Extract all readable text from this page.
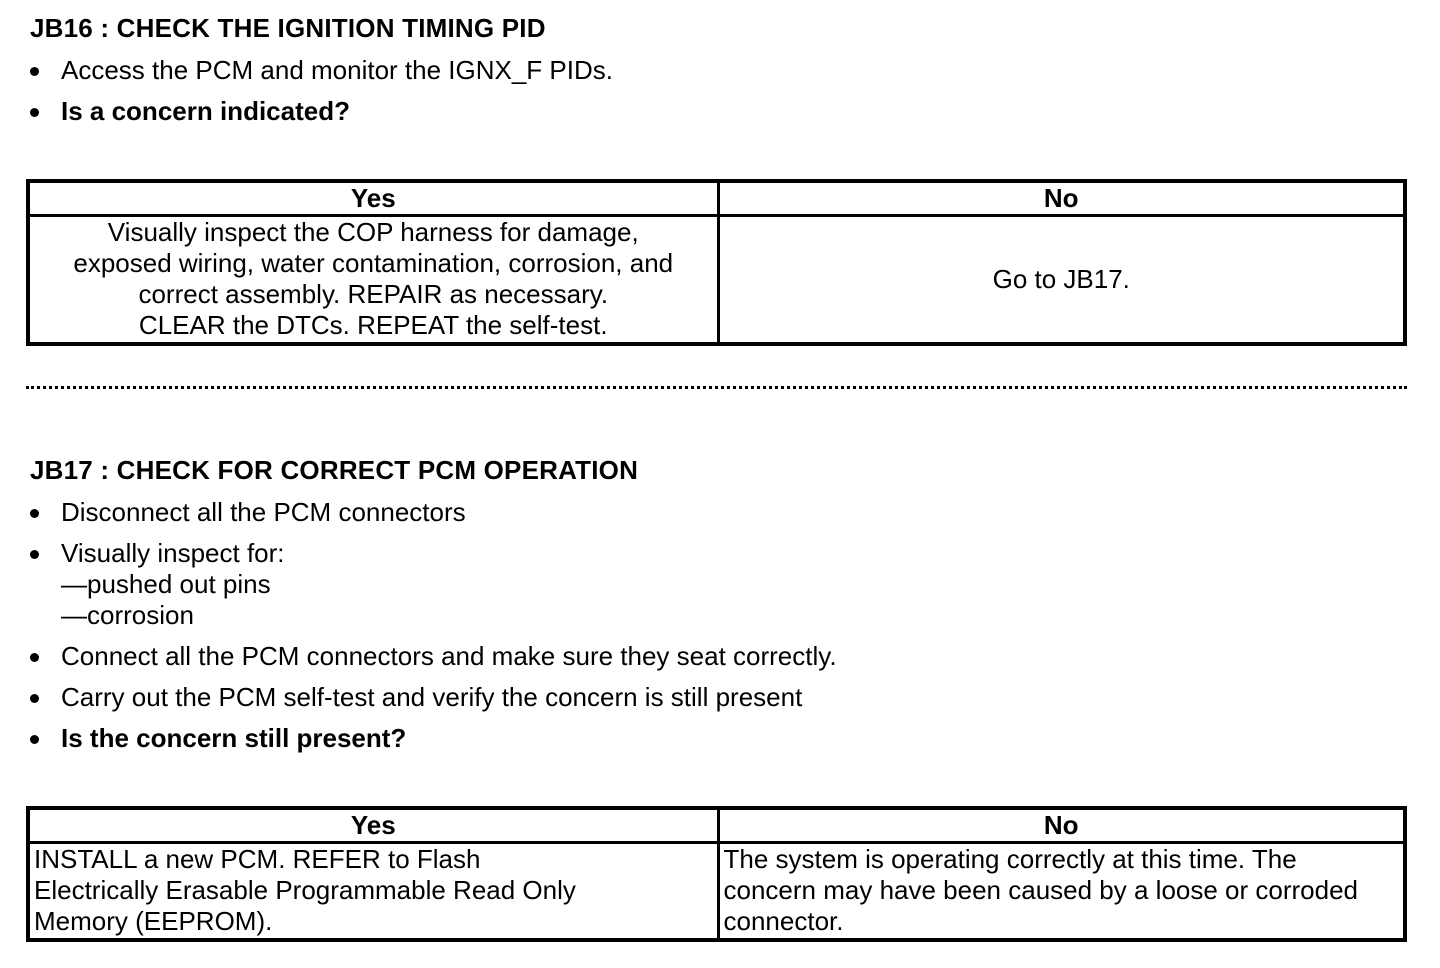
JB16 : CHECK THE IGNITION TIMING PID
Access the PCM and monitor the IGNX_F PIDs.
Is a concern indicated?
Yes	No

Visually inspect the COP harness for damage,
exposed wiring, water contamination, corrosion, and
correct assembly. REPAIR as necessary.
CLEAR the DTCs. REPEAT the self-test.	Go to JB17.
JB17 : CHECK FOR CORRECT PCM OPERATION
Disconnect all the PCM connectors
Visually inspect for:
—pushed out pins
—corrosion
Connect all the PCM connectors and make sure they seat correctly.
Carry out the PCM self-test and verify the concern is still present
Is the concern still present?
Yes	No

INSTALL a new PCM. REFER to Flash
Electrically Erasable Programmable Read Only
Memory (EEPROM).	The system is operating correctly at this time. The
concern may have been caused by a loose or corroded
connector.
